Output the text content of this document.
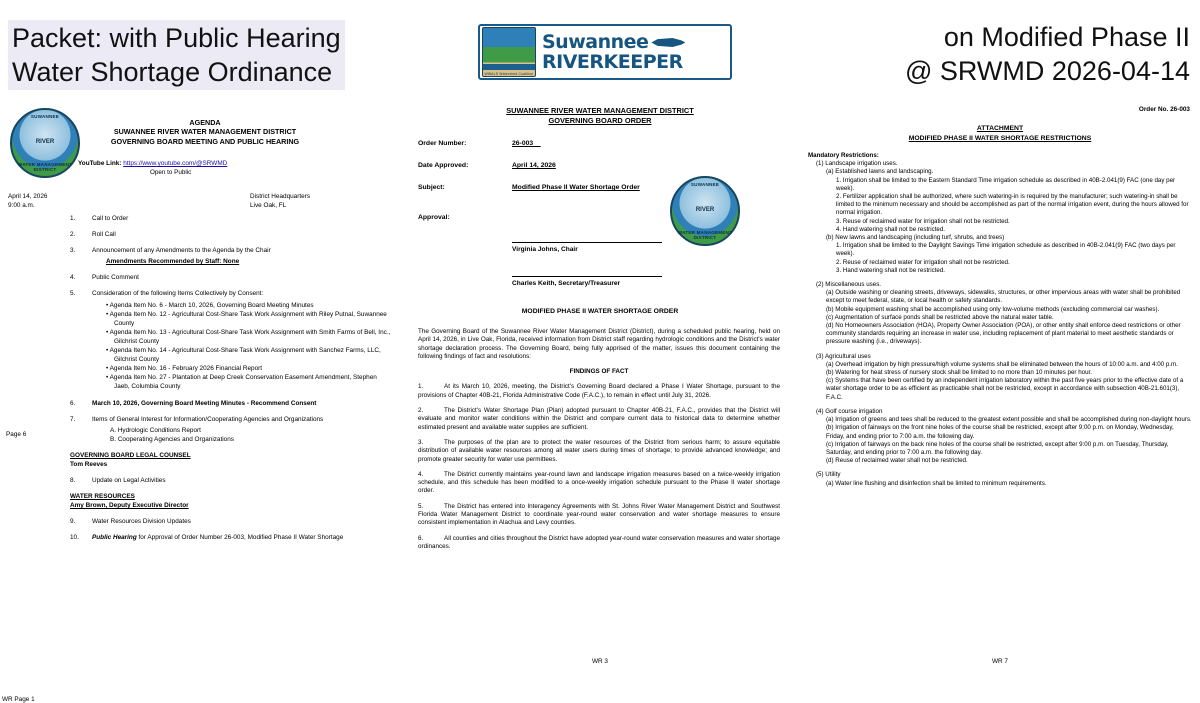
Packet: with Public Hearing
Water Shortage Ordinance	WWALS Watershed Coalition
Suwannee
RIVERKEEPER
on Modified Phase II
@ SRWMD 2026-04-14
SUWANNEE
RIVER
WATER MANAGEMENT DISTRICT
AGENDA
SUWANNEE RIVER WATER MANAGEMENT DISTRICT
GOVERNING BOARD MEETING AND PUBLIC HEARING
YouTube Link: https://www.youtube.com/@SRWMD
Open to Public
April 14, 2026
9:00 a.m.
District Headquarters
Live Oak, FL
Page 6
WR Page 1
1.	Call to Order
2.	Roll Call
3.	Announcement of any Amendments to the Agenda by the Chair
Amendments Recommended by Staff: None
4.	Public Comment
5.	Consideration of the following Items Collectively by Consent:
• Agenda Item No. 6 - March 10, 2026, Governing Board Meeting Minutes
• Agenda Item No. 12 - Agricultural Cost-Share Task Work Assignment with Riley Putnal, Suwannee County
• Agenda Item No. 13 - Agricultural Cost-Share Task Work Assignment with Smith Farms of Bell, Inc., Gilchrist County
• Agenda Item No. 14 - Agricultural Cost-Share Task Work Assignment with Sanchez Farms, LLC, Gilchrist County
• Agenda Item No. 16 - February 2026 Financial Report
• Agenda Item No. 27 - Plantation at Deep Creek Conservation Easement Amendment, Stephen Jaeb, Columbia County
6.	March 10, 2026, Governing Board Meeting Minutes - Recommend Consent
7.	Items of General Interest for Information/Cooperating Agencies and Organizations
A. Hydrologic Conditions Report
B. Cooperating Agencies and Organizations
GOVERNING BOARD LEGAL COUNSEL
Tom Reeves
8.	Update on Legal Activities
WATER RESOURCES
Amy Brown, Deputy Executive Director
9.	Water Resources Division Updates
10.	Public Hearing for Approval of Order Number 26-003, Modified Phase II Water Shortage
SUWANNEE RIVER WATER MANAGEMENT DISTRICT
GOVERNING BOARD ORDER
SUWANNEE
RIVER
WATER MANAGEMENT DISTRICT
Order Number:	26-003
Date Approved:	April 14, 2026
Subject:	Modified Phase II Water Shortage Order
Approval:
Virginia Johns, Chair
Charles Keith, Secretary/Treasurer
MODIFIED PHASE II WATER SHORTAGE ORDER

The Governing Board of the Suwannee River Water Management District (District), during a scheduled public hearing, held on April 14, 2026, in Live Oak, Florida, received information from District staff regarding hydrologic conditions and the District's water shortage declaration process. The Governing Board, being fully apprised of the matter, issues this document containing the following findings of fact and resolutions:

FINDINGS OF FACT

1.	At its March 10, 2026, meeting, the District's Governing Board declared a Phase I Water Shortage, pursuant to the provisions of Chapter 40B-21, Florida Administrative Code (F.A.C.), to remain in effect until July 31, 2026.

2.	The District's Water Shortage Plan (Plan) adopted pursuant to Chapter 40B-21, F.A.C., provides that the District will evaluate and monitor water conditions within the District and compare current data to historical data to determine whether estimated present and available water supplies are sufficient.

3.	The purposes of the plan are to protect the water resources of the District from serious harm; to assure equitable distribution of available water resources among all water users during times of shortage; to provide advanced knowledge; and promote greater security for water use permittees.

4.	The District currently maintains year-round lawn and landscape irrigation measures based on a twice-weekly irrigation schedule, and this schedule has been modified to a once-weekly irrigation schedule pursuant to the Phase II water shortage order.

5.	The District has entered into Interagency Agreements with St. Johns River Water Management District and Southwest Florida Water Management District to coordinate year-round water conservation and water shortage measures to ensure consistent implementation in Alachua and Levy counties.

6.	All counties and cities throughout the District have adopted year-round water conservation measures and water shortage ordinances.

WR 3
Order No. 26-003
ATTACHMENT
MODIFIED PHASE II WATER SHORTAGE RESTRICTIONS
Mandatory Restrictions:
(1) Landscape irrigation uses.
(a) Established lawns and landscaping.
1. Irrigation shall be limited to the Eastern Standard Time irrigation schedule as described in 40B-2.041(9) FAC (one day per week).
2. Fertilizer application shall be authorized, where such watering-in is required by the manufacturer; such watering-in shall be limited to the minimum necessary and should be accomplished as part of the normal irrigation event, during the hours allowed for normal irrigation.
3. Reuse of reclaimed water for irrigation shall not be restricted.
4. Hand watering shall not be restricted.
(b) New lawns and landscaping (including turf, shrubs, and trees)
1. Irrigation shall be limited to the Daylight Savings Time irrigation schedule as described in 40B-2.041(9) FAC (two days per week).
2. Reuse of reclaimed water for irrigation shall not be restricted.
3. Hand watering shall not be restricted.
(2) Miscellaneous uses.
(a) Outside washing or cleaning streets, driveways, sidewalks, structures, or other impervious areas with water shall be prohibited except to meet federal, state, or local health or safety standards.
(b) Mobile equipment washing shall be accomplished using only low-volume methods (excluding commercial car washes).
(c) Augmentation of surface ponds shall be restricted above the natural water table.
(d) No Homeowners Association (HOA), Property Owner Association (POA), or other entity shall enforce deed restrictions or other community standards requiring an increase in water use, including replacement of plant material to meet aesthetic standards or pressure washing (i.e., driveways).
(3) Agricultural uses
(a) Overhead irrigation by high pressure/high volume systems shall be eliminated between the hours of 10:00 a.m. and 4:00 p.m.
(b) Watering for heat stress of nursery stock shall be limited to no more than 10 minutes per hour.
(c) Systems that have been certified by an independent irrigation laboratory within the past five years prior to the effective date of a water shortage order to be as efficient as practicable shall not be restricted, except in accordance with subsection 40B-21.601(3), F.A.C.
(4) Golf course irrigation
(a) Irrigation of greens and tees shall be reduced to the greatest extent possible and shall be accomplished during non-daylight hours.
(b) Irrigation of fairways on the front nine holes of the course shall be restricted, except after 9:00 p.m. on Monday, Wednesday, Friday, and ending prior to 7:00 a.m. the following day.
(c) Irrigation of fairways on the back nine holes of the course shall be restricted, except after 9:00 p.m. on Tuesday, Thursday, Saturday, and ending prior to 7:00 a.m. the following day.
(d) Reuse of reclaimed water shall not be restricted.
(5) Utility
(a) Water line flushing and disinfection shall be limited to minimum requirements.
WR 7
